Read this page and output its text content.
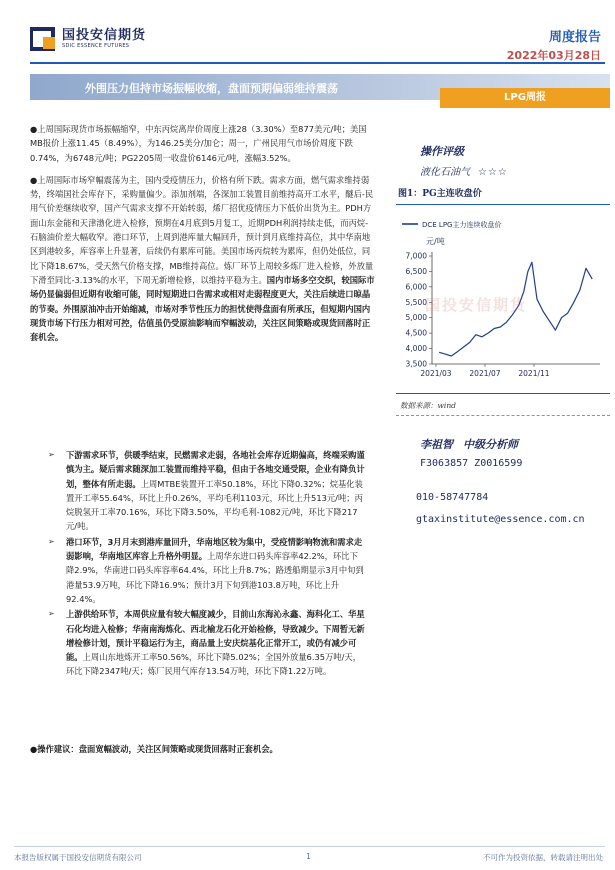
国投安信期货
SDIC ESSENCE FUTURES
周度报告
2022年03月28日
外围压力但持市场振幅收缩，盘面预期偏弱维持震荡
LPG周报

●上周国际现货市场振幅缩窄，中东丙烷离岸价周度上涨28（3.30%）至877美元/吨；美国MB报价上涨11.45（8.49%），为146.25美分/加仑；周一，广州民用气市场价周度下跌0.74%，为6748元/吨；PG2205周一收盘价6146元/吨，涨幅3.52%。

●上周国际市场窄幅震荡为主，国内受疫情压力，价格有所下跌。需求方面，燃气需求维持弱势，终端国社会库存下，采购量偏少。添加剂端，各深加工装置目前维持高开工水平，醚后-民用气价差继续收窄，国产气需求支撑不开始转弱，烯厂招优疫情压力下低价出货为主。PDH方面山东金能和天津渤化进入检修，预期在4月底到5月复工，近期PDH利润持续走低，而丙烷-石脑油价差大幅收窄。港口环节，上周到港库量大幅回升，预计到月底维持高位，其中华南地区到港较多，库容率上升显著，后续仍有累库可能。美国市场丙烷转为累库，但仍处低位，同比下降18.67%，受天然气价格支撑，MB维持高位。炼厂环节上周较多炼厂进入检修，外放量下滑至同比-3.13%的水平，下周无新增检修，以维持平稳为主。国内市场多空交织，较国际市场仍显偏弱但近期有收缩可能，同时短期进口告需求或相对走弱程度更大，关注后续进口晾晶的节奏。外围原油冲击开始缩减，市场对季节性压力的担忧使得盘面有所承压，但短期内国内现货市场下行压力相对可控，估值虽仍受原油影响而窄幅波动，关注区间策略或现货回落时正套机会。

➢ 下游需求环节，供暖季结束，民燃需求走弱，各地社会库存近期偏高，终端采购谨慎为主。疑后需求随深加工装置而维持平稳，但由于各地交通受限，企业有降负计划，整体有所走弱。上周MTBE装置开工率50.18%，环比下降0.32%；烷基化装置开工率55.64%，环比上升0.26%，平均毛利1103元，环比上升513元/吨；丙烷脱氢开工率70.16%，环比下降3.50%，平均毛利-1082元/吨，环比下降217元/吨。
➢ 港口环节，3月月末到港库量回升，华南地区较为集中，受疫情影响物流和需求走弱影响，华南地区库容上升格外明显。上周华东进口码头库容率42.2%，环比下降2.9%，华南进口码头库容率64.4%，环比上升8.7%；路透船期显示3月中旬到港量53.9万吨，环比下降16.9%；预计3月下旬到港103.8万吨，环比上升92.4%。
➢ 上游供给环节，本周供应量有较大幅度减少，目前山东海沁永鑫、海科化工、华星石化均进入检修；华南南海炼化、西北榆龙石化开始检修，导致减少。下周暂无新增检修计划，预计平稳运行为主，商品量上安庆烷基化正常开工，或仍有减少可能。上周山东地炼开工率50.56%，环比下降5.02%；全国外放量6.35万吨/天，环比下降2347吨/天；炼厂民用气库存13.54万吨，环比下降1.22万吨。
●操作建议：盘面宽幅波动，关注区间策略或现货回落时正套机会。
操作评级
液化石油气 ☆☆☆
图1：PG主连收盘价
DCE LPG主力连续收盘价
元/吨
7,000
6,500
6,000
5,500
5,000
4,500
4,000
3,500
2021/03 2021/07 2021/11
国投安信期货
数据来源：wind
李祖智 中级分析师
F3063857 Z0016599
010-58747784
gtaxinstitute@essence.com.cn
本报告版权属于国投安信期货有限公司	1	不可作为投资依据，转载请注明出处
